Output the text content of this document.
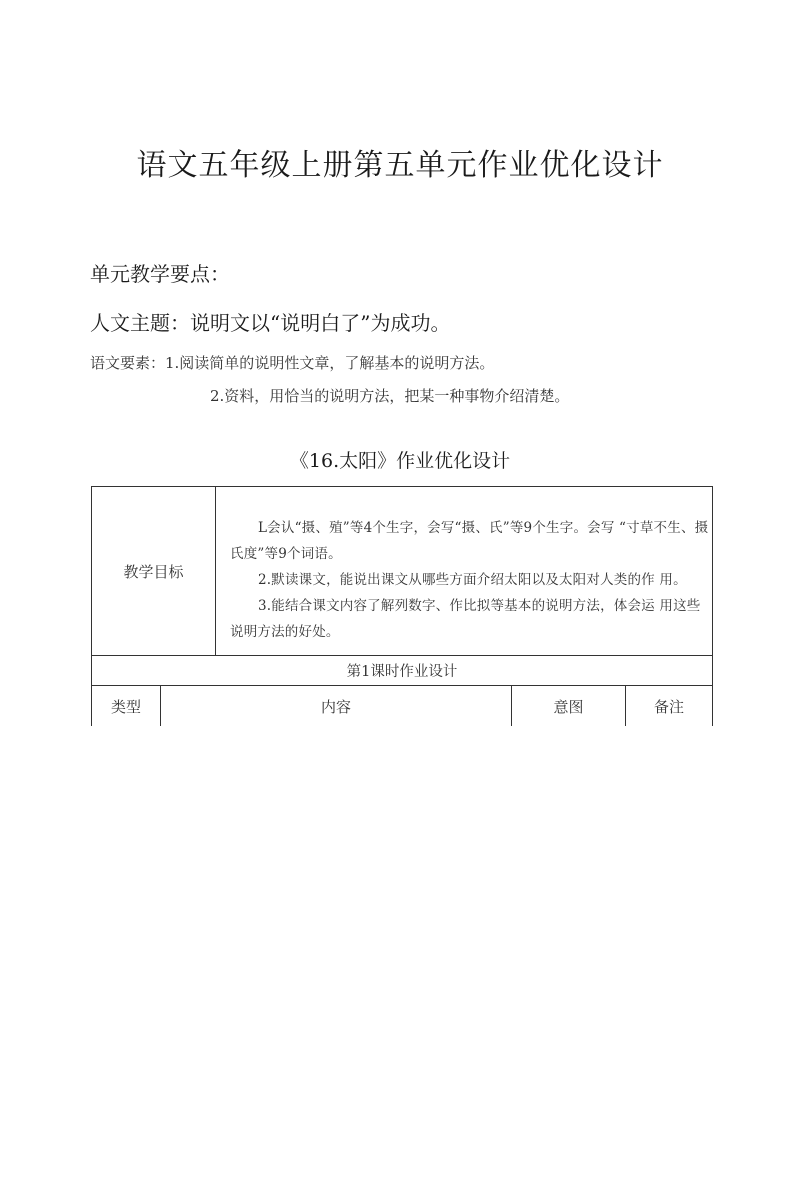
语文五年级上册第五单元作业优化设计
单元教学要点：
人文主题：说明文以“说明白了”为成功。
语文要素：1.阅读简单的说明性文章，了解基本的说明方法。
2.资料，用恰当的说明方法，把某一种事物介绍清楚。
《16.太阳》作业优化设计
教学目标

L会认“摄、殖”等4个生字，会写“摄、氏”等9个生字。会写 “寸草不生、摄氏度”等9个词语。

2.默读课文，能说出课文从哪些方面介绍太阳以及太阳对人类的作 用。

3.能结合课文内容了解列数字、作比拟等基本的说明方法，体会运 用这些说明方法的好处。

第1课时作业设计
类型	内容	意图	备注
